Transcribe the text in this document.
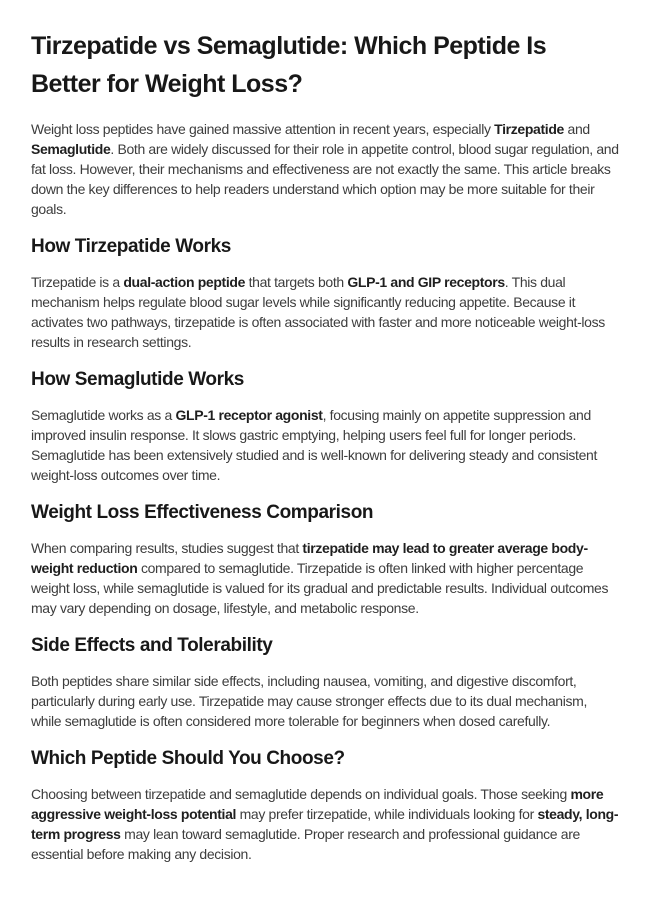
Tirzepatide vs Semaglutide: Which Peptide Is Better for Weight Loss?

Weight loss peptides have gained massive attention in recent years, especially Tirzepatide and Semaglutide. Both are widely discussed for their role in appetite control, blood sugar regulation, and fat loss. However, their mechanisms and effectiveness are not exactly the same. This article breaks down the key differences to help readers understand which option may be more suitable for their goals.

How Tirzepatide Works

Tirzepatide is a dual-action peptide that targets both GLP-1 and GIP receptors. This dual mechanism helps regulate blood sugar levels while significantly reducing appetite. Because it activates two pathways, tirzepatide is often associated with faster and more noticeable weight-loss results in research settings.

How Semaglutide Works

Semaglutide works as a GLP-1 receptor agonist, focusing mainly on appetite suppression and improved insulin response. It slows gastric emptying, helping users feel full for longer periods. Semaglutide has been extensively studied and is well-known for delivering steady and consistent weight-loss outcomes over time.

Weight Loss Effectiveness Comparison

When comparing results, studies suggest that tirzepatide may lead to greater average body-weight reduction compared to semaglutide. Tirzepatide is often linked with higher percentage weight loss, while semaglutide is valued for its gradual and predictable results. Individual outcomes may vary depending on dosage, lifestyle, and metabolic response.

Side Effects and Tolerability

Both peptides share similar side effects, including nausea, vomiting, and digestive discomfort, particularly during early use. Tirzepatide may cause stronger effects due to its dual mechanism, while semaglutide is often considered more tolerable for beginners when dosed carefully.

Which Peptide Should You Choose?

Choosing between tirzepatide and semaglutide depends on individual goals. Those seeking more aggressive weight-loss potential may prefer tirzepatide, while individuals looking for steady, long-term progress may lean toward semaglutide. Proper research and professional guidance are essential before making any decision.
